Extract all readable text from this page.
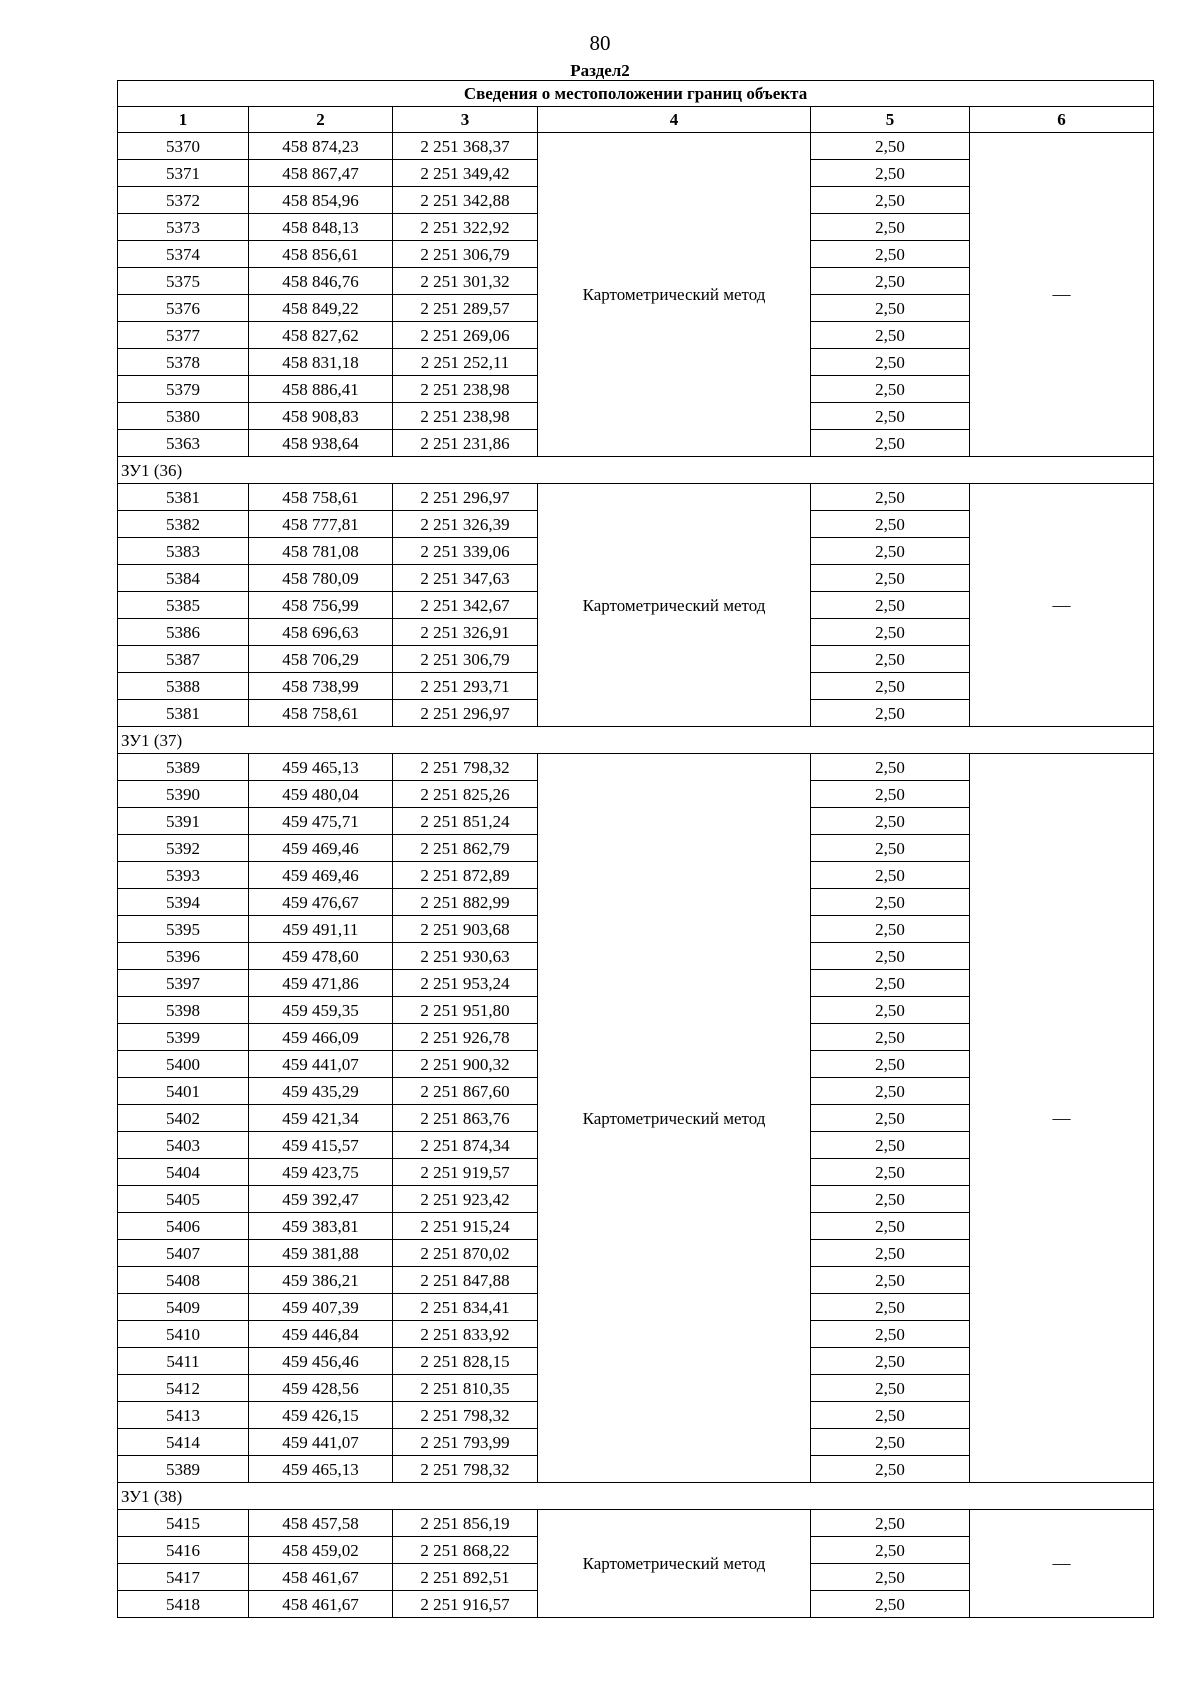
80
Раздел2
Сведения о местоположении границ объекта					
1	2	3	4	5	6
5370	458 874,23	2 251 368,37	Картометрический метод	2,50	—
5371	458 867,47	2 251 349,42		2,50	
5372	458 854,96	2 251 342,88		2,50	
5373	458 848,13	2 251 322,92		2,50	
5374	458 856,61	2 251 306,79		2,50	
5375	458 846,76	2 251 301,32		2,50	
5376	458 849,22	2 251 289,57		2,50	
5377	458 827,62	2 251 269,06		2,50	
5378	458 831,18	2 251 252,11		2,50	
5379	458 886,41	2 251 238,98		2,50	
5380	458 908,83	2 251 238,98		2,50	
5363	458 938,64	2 251 231,86		2,50	
ЗУ1 (36)					
5381	458 758,61	2 251 296,97	Картометрический метод	2,50	—
5382	458 777,81	2 251 326,39		2,50	
5383	458 781,08	2 251 339,06		2,50	
5384	458 780,09	2 251 347,63		2,50	
5385	458 756,99	2 251 342,67		2,50	
5386	458 696,63	2 251 326,91		2,50	
5387	458 706,29	2 251 306,79		2,50	
5388	458 738,99	2 251 293,71		2,50	
5381	458 758,61	2 251 296,97		2,50	
ЗУ1 (37)					
5389	459 465,13	2 251 798,32	Картометрический метод	2,50	—
5390	459 480,04	2 251 825,26		2,50	
5391	459 475,71	2 251 851,24		2,50	
5392	459 469,46	2 251 862,79		2,50	
5393	459 469,46	2 251 872,89		2,50	
5394	459 476,67	2 251 882,99		2,50	
5395	459 491,11	2 251 903,68		2,50	
5396	459 478,60	2 251 930,63		2,50	
5397	459 471,86	2 251 953,24		2,50	
5398	459 459,35	2 251 951,80		2,50	
5399	459 466,09	2 251 926,78		2,50	
5400	459 441,07	2 251 900,32		2,50	
5401	459 435,29	2 251 867,60		2,50	
5402	459 421,34	2 251 863,76		2,50	
5403	459 415,57	2 251 874,34		2,50	
5404	459 423,75	2 251 919,57		2,50	
5405	459 392,47	2 251 923,42		2,50	
5406	459 383,81	2 251 915,24		2,50	
5407	459 381,88	2 251 870,02		2,50	
5408	459 386,21	2 251 847,88		2,50	
5409	459 407,39	2 251 834,41		2,50	
5410	459 446,84	2 251 833,92		2,50	
5411	459 456,46	2 251 828,15		2,50	
5412	459 428,56	2 251 810,35		2,50	
5413	459 426,15	2 251 798,32		2,50	
5414	459 441,07	2 251 793,99		2,50	
5389	459 465,13	2 251 798,32		2,50	
ЗУ1 (38)					
5415	458 457,58	2 251 856,19	Картометрический метод	2,50	—
5416	458 459,02	2 251 868,22		2,50	
5417	458 461,67	2 251 892,51		2,50	
5418	458 461,67	2 251 916,57		2,50	
